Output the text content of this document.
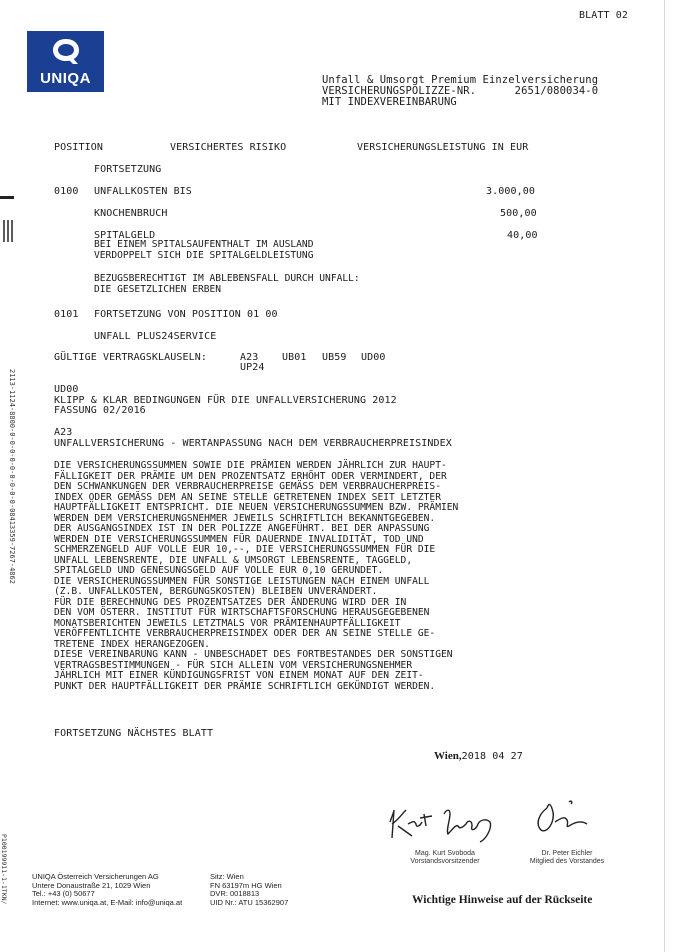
2113-1124-8800-0-0-0-0-0-0-0-0-0-08413359-7267-4862
P100199911-1-1TKN/
BLATT 02
UNIQA	Unfall & Umsorgt Premium Einzelversicherung
VERSICHERUNGSPOLIZZE-NR.	2651/080034-0
MIT INDEXVEREINBARUNG
POSITION	VERSICHERTES RISIKO	VERSICHERUNGSLEISTUNG IN EUR
FORTSETZUNG
0100 UNFALLKOSTEN BIS	3.000,00
KNOCHENBRUCH	500,00
SPITALGELD	40,00
BEI EINEM SPITALSAUFENTHALT IM AUSLAND
VERDOPPELT SICH DIE SPITALGELDLEISTUNG
BEZUGSBERECHTIGT IM ABLEBENSFALL DURCH UNFALL:
DIE GESETZLICHEN ERBEN
0101 FORTSETZUNG VON POSITION 01 00
UNFALL PLUS24SERVICE
GÜLTIGE VERTRAGSKLAUSELN:	A23 UB01 UB59 UD00
UP24
UD00
KLIPP & KLAR BEDINGUNGEN FÜR DIE UNFALLVERSICHERUNG 2012
FASSUNG 02/2016
A23
UNFALLVERSICHERUNG - WERTANPASSUNG NACH DEM VERBRAUCHERPREISINDEX
DIE VERSICHERUNGSSUMMEN SOWIE DIE PRÄMIEN WERDEN JÄHRLICH ZUR HAUPT-
FÄLLIGKEIT DER PRÄMIE UM DEN PROZENTSATZ ERHÖHT ODER VERMINDERT, DER
DEN SCHWANKUNGEN DER VERBRAUCHERPREISE GEMÄSS DEM VERBRAUCHERPREIS-
INDEX ODER GEMÄSS DEM AN SEINE STELLE GETRETENEN INDEX SEIT LETZTER
HAUPTFÄLLIGKEIT ENTSPRICHT. DIE NEUEN VERSICHERUNGSSUMMEN BZW. PRÄMIEN
WERDEN DEM VERSICHERUNGSNEHMER JEWEILS SCHRIFTLICH BEKANNTGEGEBEN.
DER AUSGANGSINDEX IST IN DER POLIZZE ANGEFÜHRT. BEI DER ANPASSUNG
WERDEN DIE VERSICHERUNGSSUMMEN FÜR DAUERNDE INVALIDITÄT, TOD UND
SCHMERZENGELD AUF VOLLE EUR 10,--, DIE VERSICHERUNGSSUMMEN FÜR DIE
UNFALL LEBENSRENTE, DIE UNFALL & UMSORGT LEBENSRENTE, TAGGELD,
SPITALGELD UND GENESUNGSGELD AUF VOLLE EUR 0,10 GERUNDET.
DIE VERSICHERUNGSSUMMEN FÜR SONSTIGE LEISTUNGEN NACH EINEM UNFALL
(Z.B. UNFALLKOSTEN, BERGUNGSKOSTEN) BLEIBEN UNVERÄNDERT.
FÜR DIE BERECHNUNG DES PROZENTSATZES DER ÄNDERUNG WIRD DER IN
DEN VOM ÖSTERR. INSTITUT FÜR WIRTSCHAFTSFORSCHUNG HERAUSGEGEBENEN
MONATSBERICHTEN JEWEILS LETZTMALS VOR PRÄMIENHAUPTFÄLLIGKEIT
VERÖFFENTLICHTE VERBRAUCHERPREISINDEX ODER DER AN SEINE STELLE GE-
TRETENE INDEX HERANGEZOGEN.
DIESE VEREINBARUNG KANN - UNBESCHADET DES FORTBESTANDES DER SONSTIGEN
VERTRAGSBESTIMMUNGEN - FÜR SICH ALLEIN VOM VERSICHERUNGSNEHMER
JÄHRLICH MIT EINER KÜNDIGUNGSFRIST VON EINEM MONAT AUF DEN ZEIT-
PUNKT DER HAUPTFÄLLIGKEIT DER PRÄMIE SCHRIFTLICH GEKÜNDIGT WERDEN.
FORTSETZUNG NÄCHSTES BLATT
Wien,2018 04 27
Mag. Kurt Svoboda
Vorstandsvorsitzender
Dr. Peter Eichler
Mitglied des Vorstandes
UNIQA Österreich Versicherungen AG
Untere Donaustraße 21, 1029 Wien
Tel.: +43 (0) 50677
Internet: www.uniqa.at, E-Mail: info@uniqa.at
Sitz: Wien
FN 63197m HG Wien
DVR: 0018813
UID Nr.: ATU 15362907	Wichtige Hinweise auf der Rückseite
